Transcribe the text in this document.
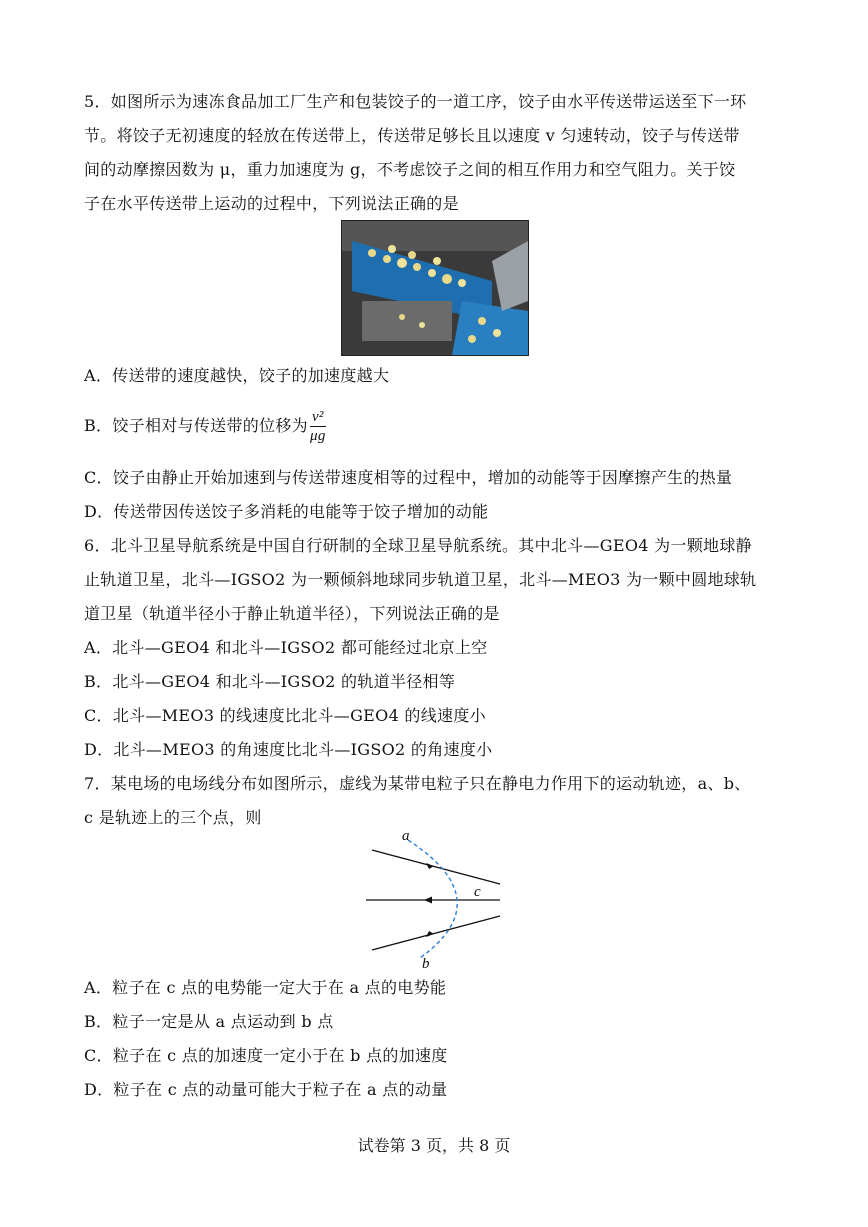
5．如图所示为速冻食品加工厂生产和包装饺子的一道工序，饺子由水平传送带运送至下一环
节。将饺子无初速度的轻放在传送带上，传送带足够长且以速度 v 匀速转动，饺子与传送带
间的动摩擦因数为 μ，重力加速度为 g，不考虑饺子之间的相互作用力和空气阻力。关于饺
子在水平传送带上运动的过程中，下列说法正确的是
A．传送带的速度越快，饺子的加速度越大
B．饺子相对与传送带的位移为 $\frac{\text{v²}}{\mu g}$
C．饺子由静止开始加速到与传送带速度相等的过程中，增加的动能等于因摩擦产生的热量
D．传送带因传送饺子多消耗的电能等于饺子增加的动能
6．北斗卫星导航系统是中国自行研制的全球卫星导航系统。其中北斗—GEO4 为一颗地球静
止轨道卫星，北斗—IGSO2 为一颗倾斜地球同步轨道卫星，北斗—MEO3 为一颗中圆地球轨
道卫星（轨道半径小于静止轨道半径），下列说法正确的是
A．北斗—GEO4 和北斗—IGSO2 都可能经过北京上空
B．北斗—GEO4 和北斗—IGSO2 的轨道半径相等
C．北斗—MEO3 的线速度比北斗—GEO4 的线速度小
D．北斗—MEO3 的角速度比北斗—IGSO2 的角速度小
7．某电场的电场线分布如图所示，虚线为某带电粒子只在静电力作用下的运动轨迹，a、b、
c 是轨迹上的三个点，则
a
c
b
A．粒子在 c 点的电势能一定大于在 a 点的电势能
B．粒子一定是从 a 点运动到 b 点
C．粒子在 c 点的加速度一定小于在 b 点的加速度
D．粒子在 c 点的动量可能大于粒子在 a 点的动量
试卷第 3 页，共 8 页
